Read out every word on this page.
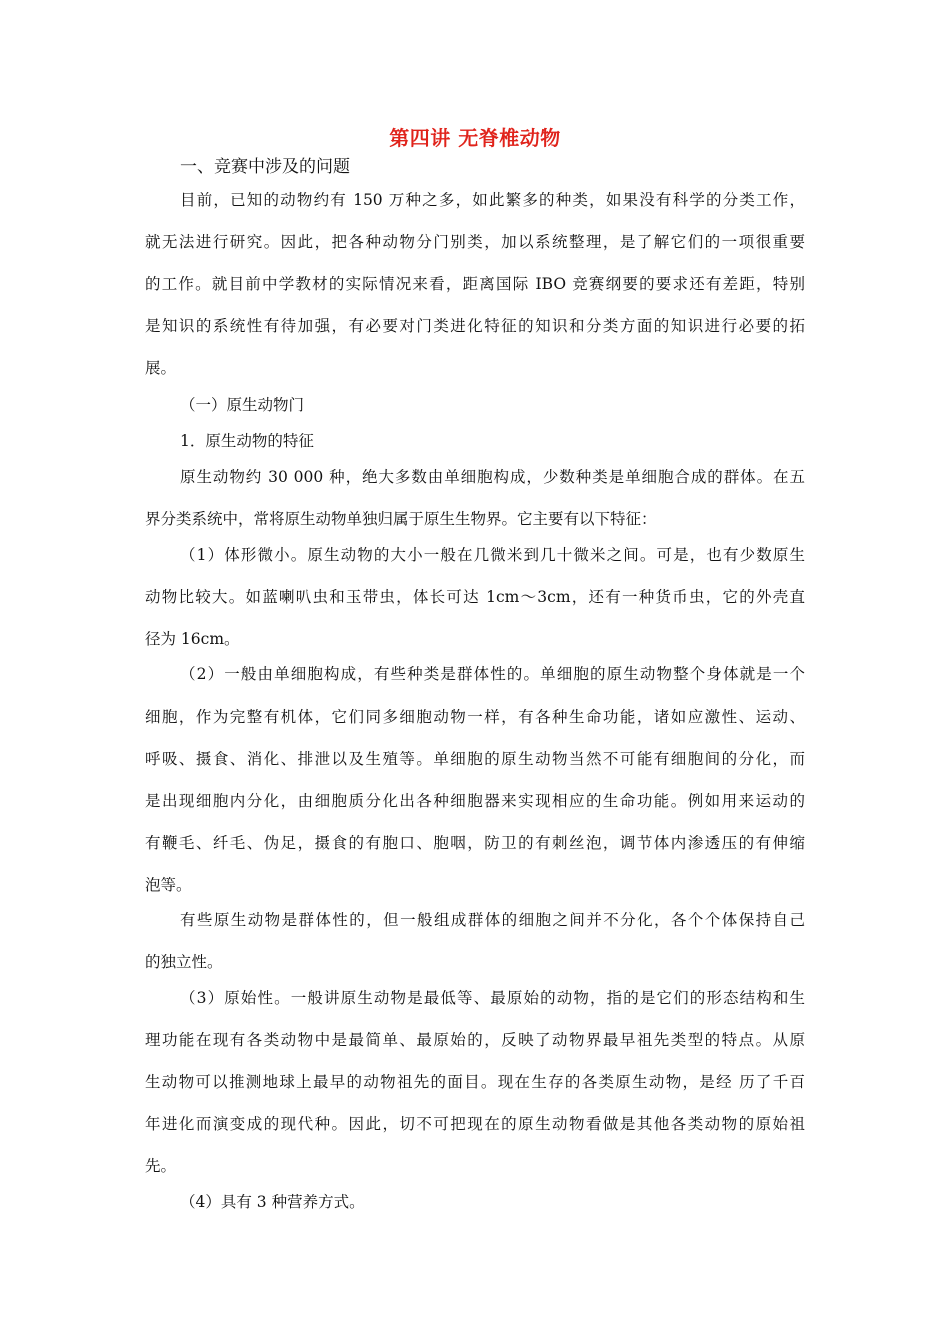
第四讲 无脊椎动物
一、竞赛中涉及的问题
目前，已知的动物约有 150 万种之多，如此繁多的种类，如果没有科学的分类工作，
就无法进行研究。因此，把各种动物分门别类，加以系统整理，是了解它们的一项很重要
的工作。就目前中学教材的实际情况来看，距离国际 IBO 竞赛纲要的要求还有差距，特别
是知识的系统性有待加强，有必要对门类进化特征的知识和分类方面的知识进行必要的拓
展。
（一）原生动物门
1．原生动物的特征
原生动物约 30 000 种，绝大多数由单细胞构成，少数种类是单细胞合成的群体。在五
界分类系统中，常将原生动物单独归属于原生生物界。它主要有以下特征：
（1）体形微小。原生动物的大小一般在几微米到几十微米之间。可是，也有少数原生
动物比较大。如蓝喇叭虫和玉带虫，体长可达 1cm～3cm，还有一种货币虫，它的外壳直
径为 16cm。
（2）一般由单细胞构成，有些种类是群体性的。单细胞的原生动物整个身体就是一个
细胞，作为完整有机体，它们同多细胞动物一样，有各种生命功能，诸如应激性、运动、
呼吸、摄食、消化、排泄以及生殖等。单细胞的原生动物当然不可能有细胞间的分化，而
是出现细胞内分化，由细胞质分化出各种细胞器来实现相应的生命功能。例如用来运动的
有鞭毛、纤毛、伪足，摄食的有胞口、胞咽，防卫的有刺丝泡，调节体内渗透压的有伸缩
泡等。
有些原生动物是群体性的，但一般组成群体的细胞之间并不分化，各个个体保持自己
的独立性。
（3）原始性。一般讲原生动物是最低等、最原始的动物，指的是它们的形态结构和生
理功能在现有各类动物中是最简单、最原始的，反映了动物界最早祖先类型的特点。从原
生动物可以推测地球上最早的动物祖先的面目。现在生存的各类原生动物，是经 历了千百
年进化而演变成的现代种。因此，切不可把现在的原生动物看做是其他各类动物的原始祖
先。
（4）具有 3 种营养方式。
